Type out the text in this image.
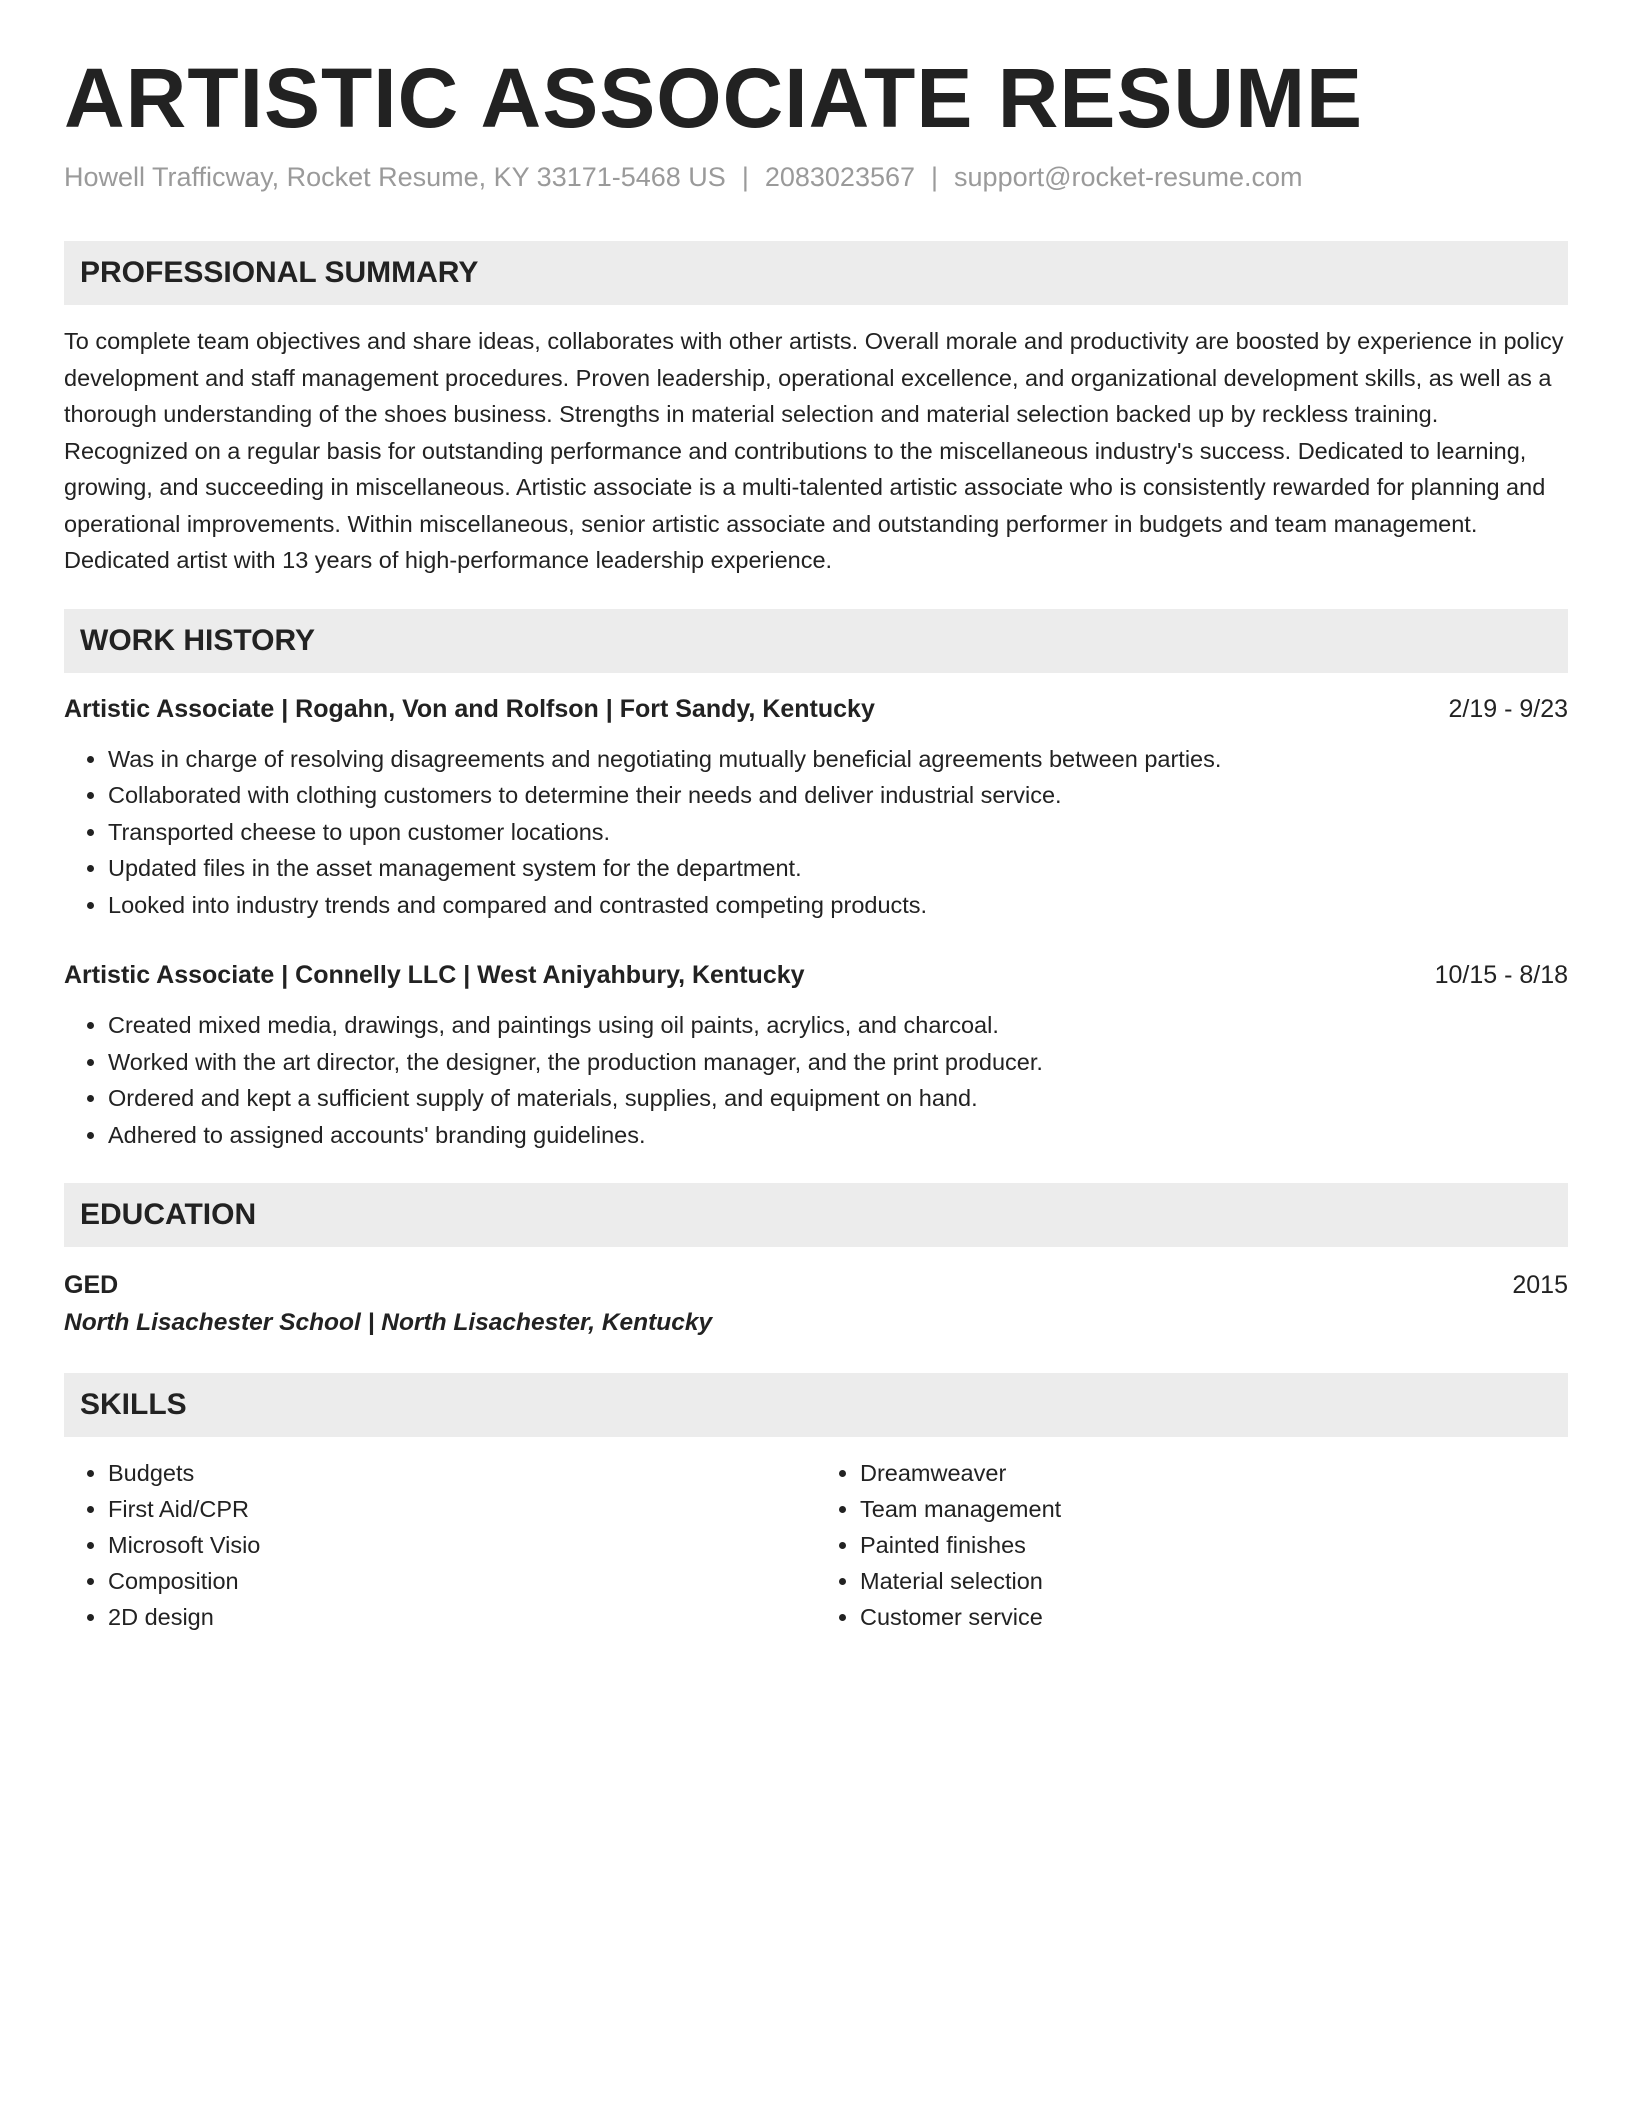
ARTISTIC ASSOCIATE RESUME
Howell Trafficway, Rocket Resume, KY 33171-5468 US | 2083023567 | support@rocket-resume.com
PROFESSIONAL SUMMARY
To complete team objectives and share ideas, collaborates with other artists. Overall morale and productivity are boosted by experience in policy development and staff management procedures. Proven leadership, operational excellence, and organizational development skills, as well as a thorough understanding of the shoes business. Strengths in material selection and material selection backed up by reckless training. Recognized on a regular basis for outstanding performance and contributions to the miscellaneous industry's success. Dedicated to learning, growing, and succeeding in miscellaneous. Artistic associate is a multi-talented artistic associate who is consistently rewarded for planning and operational improvements. Within miscellaneous, senior artistic associate and outstanding performer in budgets and team management. Dedicated artist with 13 years of high-performance leadership experience.
WORK HISTORY
Artistic Associate | Rogahn, Von and Rolfson | Fort Sandy, Kentucky	2/19 - 9/23
• Was in charge of resolving disagreements and negotiating mutually beneficial agreements between parties.
• Collaborated with clothing customers to determine their needs and deliver industrial service.
• Transported cheese to upon customer locations.
• Updated files in the asset management system for the department.
• Looked into industry trends and compared and contrasted competing products.
Artistic Associate | Connelly LLC | West Aniyahbury, Kentucky	10/15 - 8/18
• Created mixed media, drawings, and paintings using oil paints, acrylics, and charcoal.
• Worked with the art director, the designer, the production manager, and the print producer.
• Ordered and kept a sufficient supply of materials, supplies, and equipment on hand.
• Adhered to assigned accounts' branding guidelines.
EDUCATION
GED	2015
North Lisachester School | North Lisachester, Kentucky
SKILLS
• Budgets
• First Aid/CPR
• Microsoft Visio
• Composition
• 2D design
• Dreamweaver
• Team management
• Painted finishes
• Material selection
• Customer service
